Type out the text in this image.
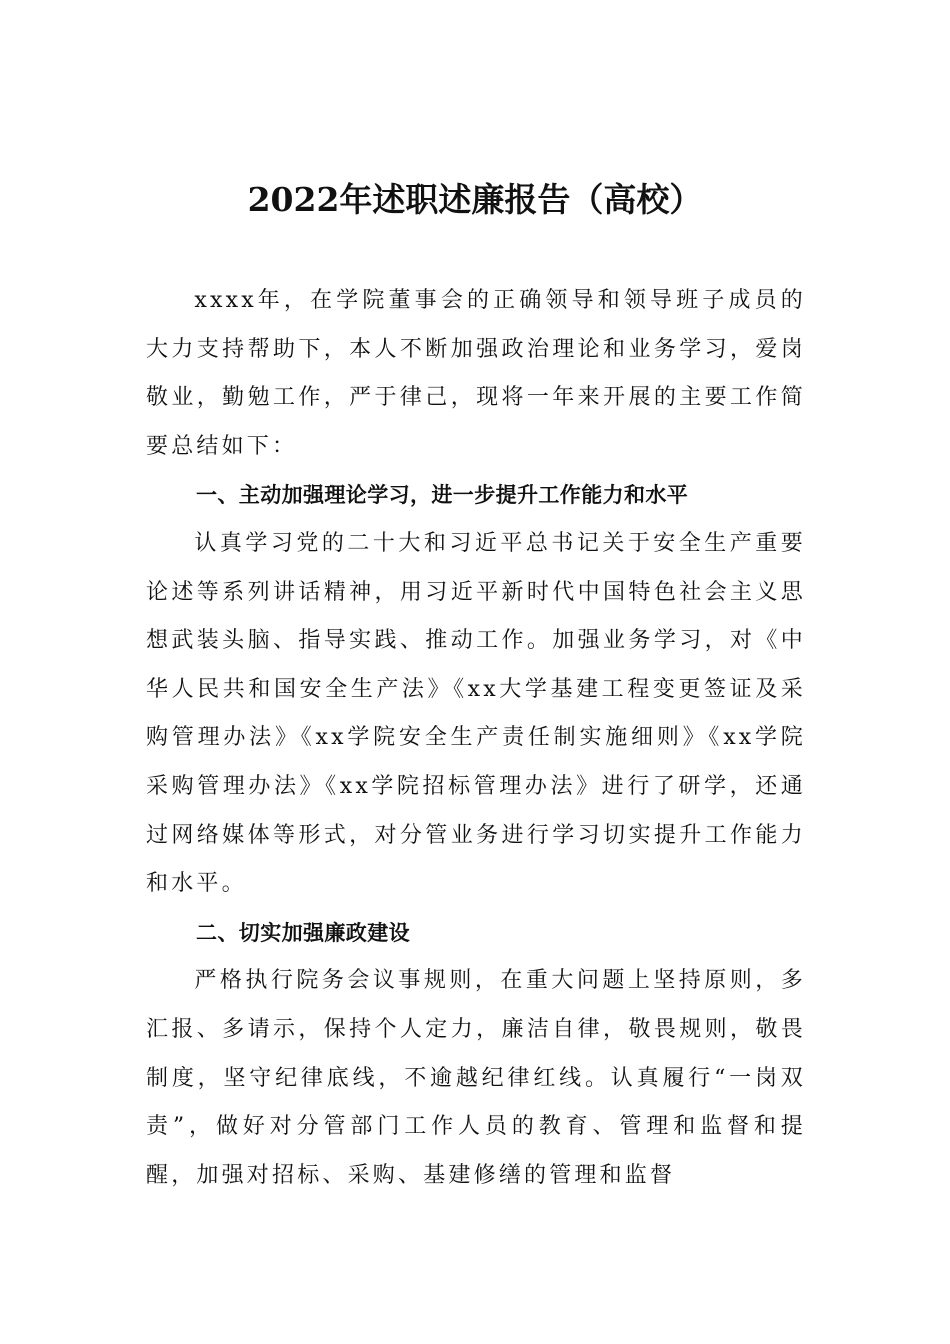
2022年述职述廉报告（高校）

xxxx年，在学院董事会的正确领导和领导班子成员的大力支持帮助下，本人不断加强政治理论和业务学习，爱岗敬业，勤勉工作，严于律己，现将一年来开展的主要工作简要总结如下：

一、主动加强理论学习，进一步提升工作能力和水平

认真学习党的二十大和习近平总书记关于安全生产重要论述等系列讲话精神，用习近平新时代中国特色社会主义思想武装头脑、指导实践、推动工作。加强业务学习，对《中华人民共和国安全生产法》《xx大学基建工程变更签证及采购管理办法》《xx学院安全生产责任制实施细则》《xx学院采购管理办法》《xx学院招标管理办法》进行了研学，还通过网络媒体等形式，对分管业务进行学习切实提升工作能力和水平。

二、切实加强廉政建设

严格执行院务会议事规则，在重大问题上坚持原则，多汇报、多请示，保持个人定力，廉洁自律，敬畏规则，敬畏制度，坚守纪律底线，不逾越纪律红线。认真履行“一岗双责”，做好对分管部门工作人员的教育、管理和监督和提醒，加强对招标、采购、基建修缮的管理和监督
